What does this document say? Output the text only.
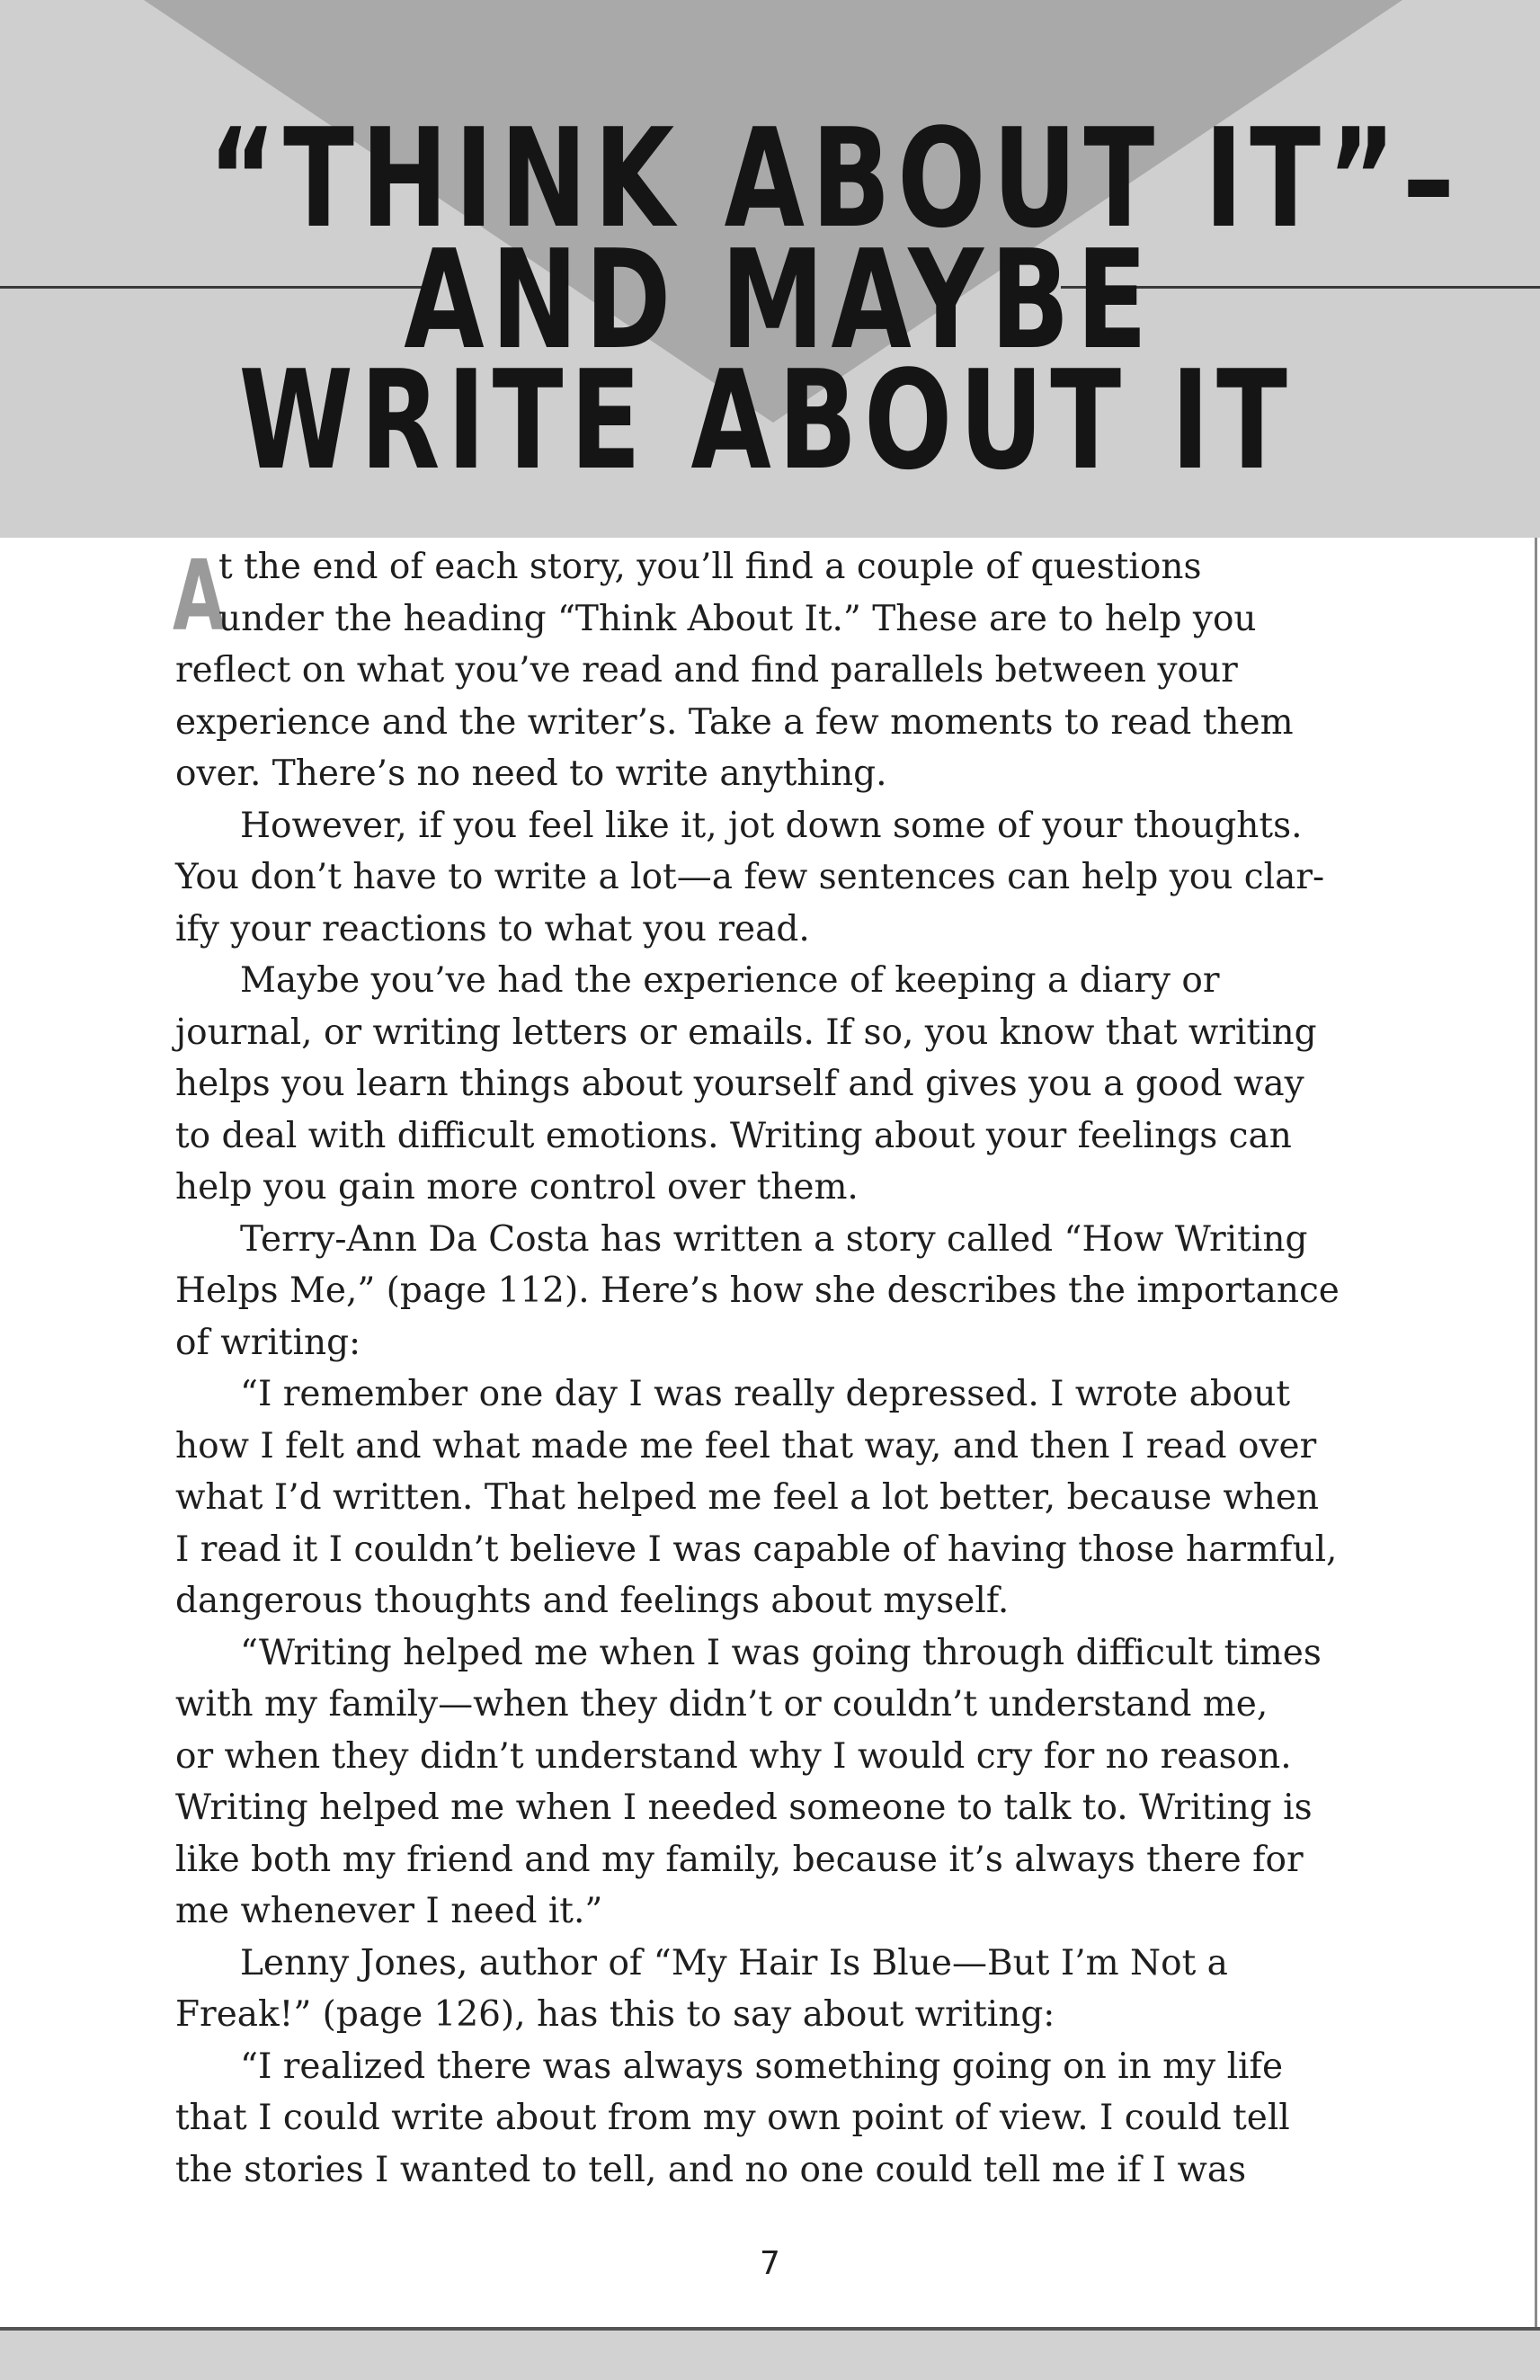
“THINK ABOUT IT”–
AND MAYBE
WRITE ABOUT IT
A
t the end of each story, you’ll find a couple of questions
under the heading “Think About It.” These are to help you
reflect on what you’ve read and find parallels between your
experience and the writer’s. Take a few moments to read them
over. There’s no need to write anything.
However, if you feel like it, jot down some of your thoughts.
You don’t have to write a lot—a few sentences can help you clar-
ify your reactions to what you read.
Maybe you’ve had the experience of keeping a diary or
journal, or writing letters or emails. If so, you know that writing
helps you learn things about yourself and gives you a good way
to deal with difficult emotions. Writing about your feelings can
help you gain more control over them.
Terry-Ann Da Costa has written a story called “How Writing
Helps Me,” (page 112). Here’s how she describes the importance
of writing:
“I remember one day I was really depressed. I wrote about
how I felt and what made me feel that way, and then I read over
what I’d written. That helped me feel a lot better, because when
I read it I couldn’t believe I was capable of having those harmful,
dangerous thoughts and feelings about myself.
“Writing helped me when I was going through difficult times
with my family—when they didn’t or couldn’t understand me,
or when they didn’t understand why I would cry for no reason.
Writing helped me when I needed someone to talk to. Writing is
like both my friend and my family, because it’s always there for
me whenever I need it.”
Lenny Jones, author of “My Hair Is Blue—But I’m Not a
Freak!” (page 126), has this to say about writing:
“I realized there was always something going on in my life
that I could write about from my own point of view. I could tell
the stories I wanted to tell, and no one could tell me if I was
7
